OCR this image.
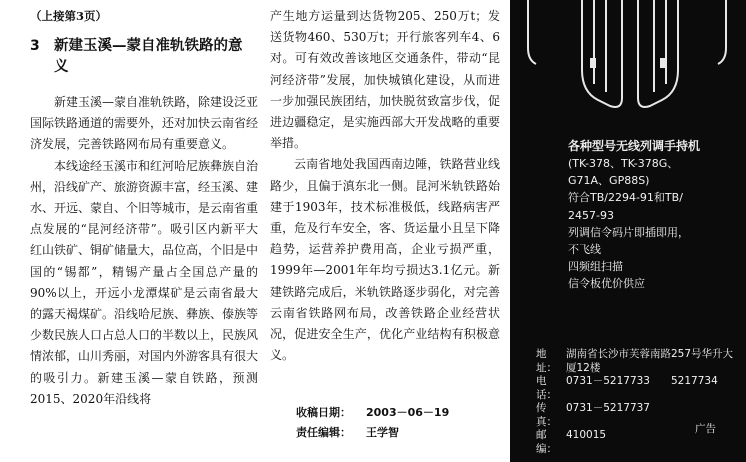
（上接第3页）
3 新建玉溪—蒙自准轨铁路的意义

新建玉溪—蒙自准轨铁路，除建设泛亚国际铁路通道的需要外，还对加快云南省经济发展，完善铁路网布局有重要意义。

本线途经玉溪市和红河哈尼族彝族自治州，沿线矿产、旅游资源丰富，经玉溪、建水、开远、蒙自、个旧等城市，是云南省重点发展的“昆河经济带”。吸引区内新平大红山铁矿、铜矿储量大，品位高，个旧是中国的“锡都”，精锡产量占全国总产量的90%以上，开远小龙潭煤矿是云南省最大的露天褐煤矿。沿线哈尼族、彝族、傣族等少数民族人口占总人口的半数以上，民族风情浓郁，山川秀丽，对国内外游客具有很大的吸引力。新建玉溪—蒙自铁路，预测2015、2020年沿线将

产生地方运量到达货物205、250万t；发送货物460、530万t；开行旅客列车4、6对。可有效改善该地区交通条件，带动“昆河经济带”发展，加快城镇化建设，从而进一步加强民族团结，加快脱贫致富步伐，促进边疆稳定，是实施西部大开发战略的重要举措。

云南省地处我国西南边陲，铁路营业线路少，且偏于滇东北一侧。昆河米轨铁路始建于1903年，技术标准极低，线路病害严重，危及行车安全，客、货运量小且呈下降趋势，运营养护费用高，企业亏损严重，1999年—2001年年均亏损达3.1亿元。新建铁路完成后，米轨铁路逐步弱化，对完善云南省铁路网布局，改善铁路企业经营状况，促进安全生产，优化产业结构有积极意义。

收稿日期：	2003－06－19
责任编辑：	王学智
各种型号无线列调手持机
(TK-378、TK-378G、
G71A、GP88S)
符合TB/2294-91和TB/
2457-93
列调信令码片即插即用，
不飞线
四频组扫描
信令板优价供应
地址：
湖南省长沙市芙蓉南路257号华升大厦12楼
电话：
0731－5217733　　5217734
传真：
0731－5217737
邮编：
410015	广告
